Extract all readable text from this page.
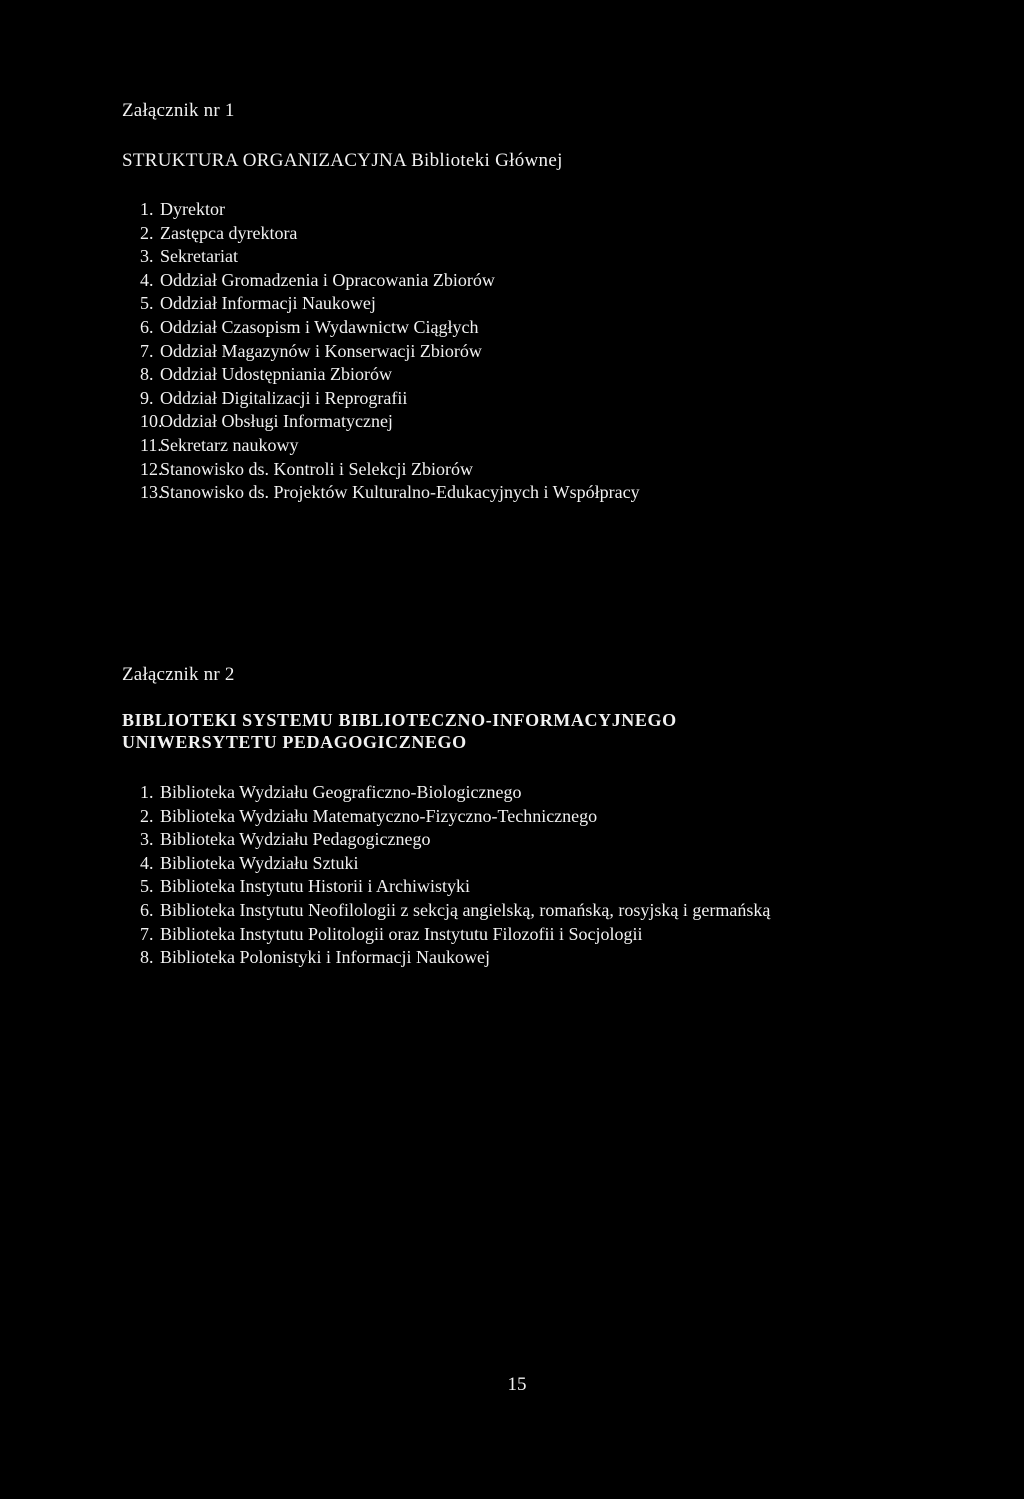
Załącznik nr 1
STRUKTURA ORGANIZACYJNA Biblioteki Głównej
1. Dyrektor
2. Zastępca dyrektora
3. Sekretariat
4. Oddział Gromadzenia i Opracowania Zbiorów
5. Oddział Informacji Naukowej
6. Oddział Czasopism i Wydawnictw Ciągłych
7. Oddział Magazynów i Konserwacji Zbiorów
8. Oddział Udostępniania Zbiorów
9. Oddział Digitalizacji i Reprografii
10.
Oddział Obsługi Informatycznej
11.
Sekretarz naukowy
12.
Stanowisko ds. Kontroli i Selekcji Zbiorów
13.
Stanowisko ds. Projektów Kulturalno-Edukacyjnych i Współpracy
Załącznik nr 2
BIBLIOTEKI SYSTEMU BIBLIOTECZNO-INFORMACYJNEGO
UNIWERSYTETU PEDAGOGICZNEGO
1. Biblioteka Wydziału Geograficzno-Biologicznego
2. Biblioteka Wydziału Matematyczno-Fizyczno-Technicznego
3. Biblioteka Wydziału Pedagogicznego
4. Biblioteka Wydziału Sztuki
5. Biblioteka Instytutu Historii i Archiwistyki
6. Biblioteka Instytutu Neofilologii z sekcją angielską, romańską, rosyjską i germańską
7. Biblioteka Instytutu Politologii oraz Instytutu Filozofii i Socjologii
8. Biblioteka Polonistyki i Informacji Naukowej
15
